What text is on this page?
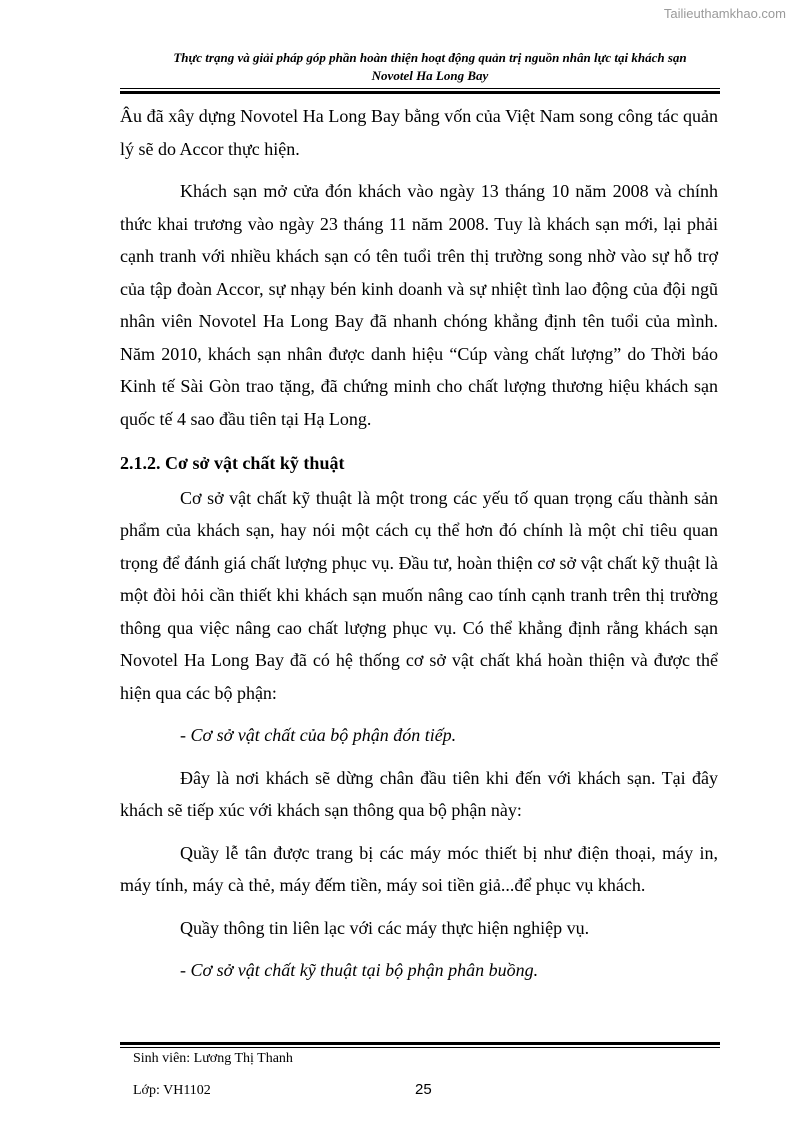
Tailieuthamkhao.com
Thực trạng và giải pháp góp phần hoàn thiện hoạt động quản trị nguồn nhân lực tại khách sạn
Novotel Ha Long Bay

Âu đã xây dựng Novotel Ha Long Bay bằng vốn của Việt Nam song công tác quản lý sẽ do Accor thực hiện.

Khách sạn mở cửa đón khách vào ngày 13 tháng 10 năm 2008 và chính thức khai trương vào ngày 23 tháng 11 năm 2008. Tuy là khách sạn mới, lại phải cạnh tranh với nhiều khách sạn có tên tuổi trên thị trường song nhờ vào sự hỗ trợ của tập đoàn Accor, sự nhạy bén kinh doanh và sự nhiệt tình lao động của đội ngũ nhân viên Novotel Ha Long Bay đã nhanh chóng khẳng định tên tuổi của mình. Năm 2010, khách sạn nhân được danh hiệu “Cúp vàng chất lượng” do Thời báo Kinh tế Sài Gòn trao tặng, đã chứng minh cho chất lượng thương hiệu khách sạn quốc tế 4 sao đầu tiên tại Hạ Long.

2.1.2. Cơ sở vật chất kỹ thuật

Cơ sở vật chất kỹ thuật là một trong các yếu tố quan trọng cấu thành sản phẩm của khách sạn, hay nói một cách cụ thể hơn đó chính là một chỉ tiêu quan trọng để đánh giá chất lượng phục vụ. Đầu tư, hoàn thiện cơ sở vật chất kỹ thuật là một đòi hỏi cần thiết khi khách sạn muốn nâng cao tính cạnh tranh trên thị trường thông qua việc nâng cao chất lượng phục vụ. Có thể khẳng định rằng khách sạn Novotel Ha Long Bay đã có hệ thống cơ sở vật chất khá hoàn thiện và được thể hiện qua các bộ phận:

- Cơ sở vật chất của bộ phận đón tiếp.

Đây là nơi khách sẽ dừng chân đầu tiên khi đến với khách sạn. Tại đây khách sẽ tiếp xúc với khách sạn thông qua bộ phận này:

Quầy lễ tân được trang bị các máy móc thiết bị như điện thoại, máy in, máy tính, máy cà thẻ, máy đếm tiền, máy soi tiền giả...để phục vụ khách.

Quầy thông tin liên lạc với các máy thực hiện nghiệp vụ.

- Cơ sở vật chất kỹ thuật tại bộ phận phân buồng.

Sinh viên: Lương Thị Thanh
Lớp: VH1102	25
